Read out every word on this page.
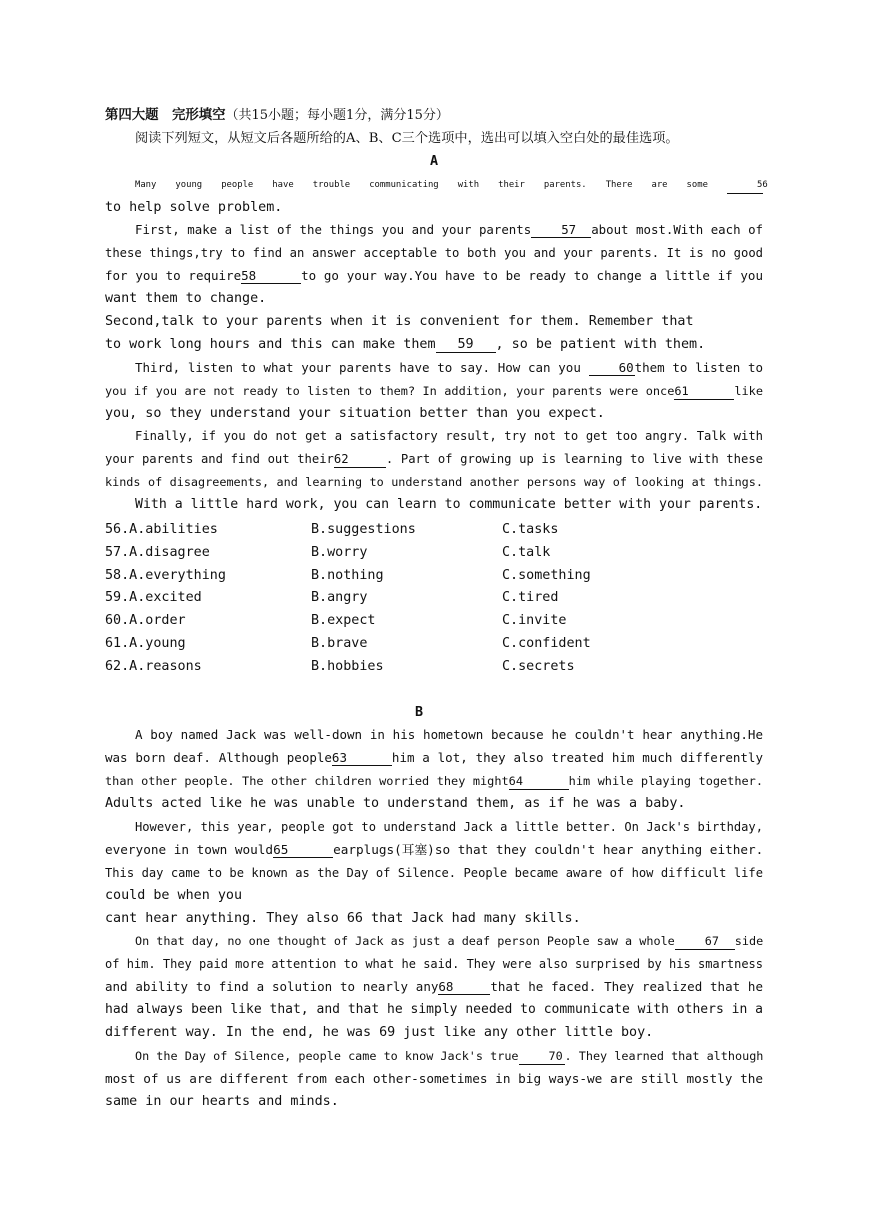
第四大题　完形填空（共15小题；每小题1分，满分15分）
阅读下列短文，从短文后各题所给的A、B、C三个选项中，选出可以填入空白处的最佳选项。
A
Many young people have trouble communicating with their parents. There are some	56
to help solve problem.
First, make a list of the things you and your parents 57 about most.With each of
these things,try to find an answer acceptable to both you and your parents. It is no good
for you to require58	to go your way.You have to be ready to change a little if you
want them to change.
Second,talk to your parents when it is convenient for them. Remember that
to work long hours and this can make them 59 , so be patient with them.
Third, listen to what your parents have to say. How can you	60them to listen to
you if you are not ready to listen to them? In addition, your parents were once61	like
you, so they understand your situation better than you expect.
Finally, if you do not get a satisfactory result, try not to get too angry. Talk with
your parents and find out their62	. Part of growing up is learning to live with these
kinds of disagreements, and learning to understand another persons way of looking at things.
With a little hard work, you can learn to communicate better with your parents.
56.A.abilities	B.suggestions	C.tasks
57.A.disagree	B.worry	C.talk
58.A.everything	B.nothing	C.something
59.A.excited	B.angry	C.tired
60.A.order	B.expect	C.invite
61.A.young	B.brave	C.confident
62.A.reasons	B.hobbies	C.secrets
B
A boy named Jack was well-down in his hometown because he couldn't hear anything.He
was born deaf. Although people63	him a lot, they also treated him much differently
than other people. The other children worried they might64	him while playing together.
Adults acted like he was unable to understand them, as if he was a baby.
However, this year, people got to understand Jack a little better. On Jack's birthday,
everyone in town would65	earplugs(耳塞)so that they couldn't hear anything either.
This day came to be known as the Day of Silence. People became aware of how difficult life
could be when you
cant hear anything. They also 66 that Jack had many skills.
On that day, no one thought of Jack as just a deaf person People saw a whole	67 side
of him. They paid more attention to what he said. They were also surprised by his smartness
and ability to find a solution to nearly any68	that he faced. They realized that he
had always been like that, and that he simply needed to communicate with others in a
different way. In the end, he was 69 just like any other little boy.
On the Day of Silence, people came to know Jack's true	70 . They learned that although
most of us are different from each other-sometimes in big ways-we are still mostly the
same in our hearts and minds.
